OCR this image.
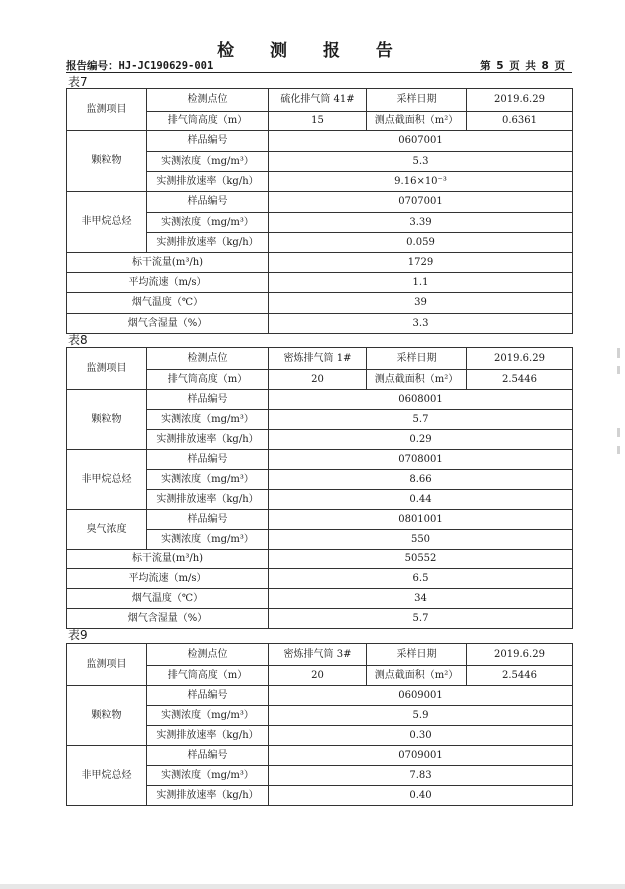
检 测 报 告
报告编号：HJ-JC190629-001	第 5 页 共 8 页
表7
监测项目	检测点位	硫化排气筒 41#	采样日期	2019.6.29
	排气筒高度（m）	15	测点截面积（m²）	0.6361
颗粒物	样品编号	0607001		
	实测浓度（mg/m³）	5.3		
	实测排放速率（kg/h）	9.16×10⁻³		
非甲烷总烃	样品编号	0707001		
	实测浓度（mg/m³）	3.39		
	实测排放速率（kg/h）	0.059		
标干流量(m³/h)		1729		
平均流速（m/s）		1.1		
烟气温度（℃）		39		
烟气含湿量（%）		3.3		
表8
监测项目	检测点位	密炼排气筒 1#	采样日期	2019.6.29
	排气筒高度（m）	20	测点截面积（m²）	2.5446
颗粒物	样品编号	0608001		
	实测浓度（mg/m³）	5.7		
	实测排放速率（kg/h）	0.29		
非甲烷总烃	样品编号	0708001		
	实测浓度（mg/m³）	8.66		
	实测排放速率（kg/h）	0.44		
臭气浓度	样品编号	0801001		
	实测浓度（mg/m³）	550		
标干流量(m³/h)		50552		
平均流速（m/s）		6.5		
烟气温度（℃）		34		
烟气含湿量（%）		5.7		
表9
监测项目	检测点位	密炼排气筒 3#	采样日期	2019.6.29
	排气筒高度（m）	20	测点截面积（m²）	2.5446
颗粒物	样品编号	0609001		
	实测浓度（mg/m³）	5.9		
	实测排放速率（kg/h）	0.30		
非甲烷总烃	样品编号	0709001		
	实测浓度（mg/m³）	7.83		
	实测排放速率（kg/h）	0.40		
